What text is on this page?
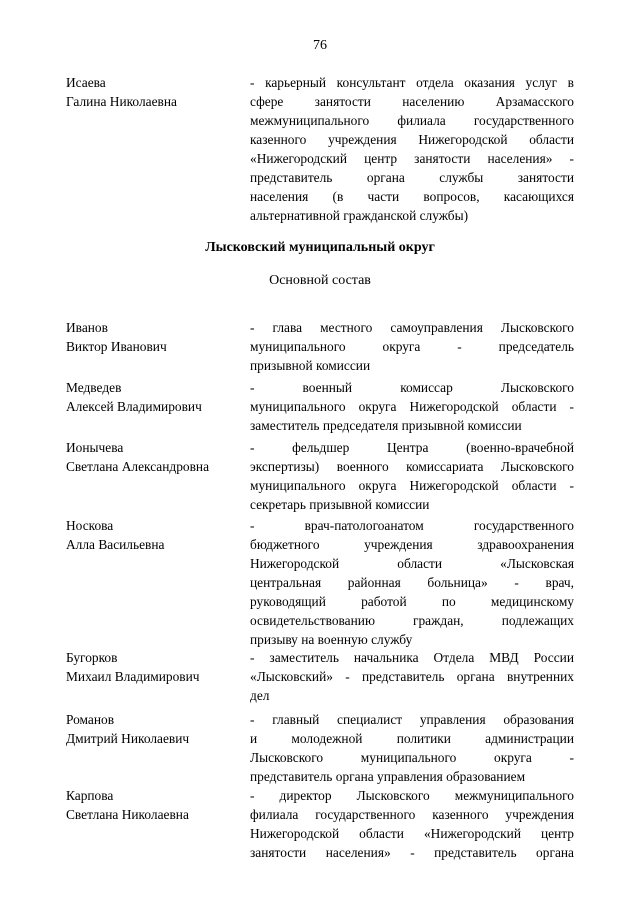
76
Исаева
Галина Николаевна
- карьерный консультант отдела оказания услуг в
сфере занятости населению Арзамасского
межмуниципального филиала государственного
казенного учреждения Нижегородской области
«Нижегородский центр занятости населения» -
представитель органа службы занятости
населения (в части вопросов, касающихся
альтернативной гражданской службы)
Лысковский муниципальный округ
Основной состав
Иванов
Виктор Иванович
- глава местного самоуправления Лысковского
муниципального округа - председатель
призывной комиссии
Медведев
Алексей Владимирович
- военный комиссар Лысковского
муниципального округа Нижегородской области -
заместитель председателя призывной комиссии
Ионычева
Светлана Александровна
- фельдшер Центра (военно-врачебной
экспертизы) военного комиссариата Лысковского
муниципального округа Нижегородской области -
секретарь призывной комиссии
Носкова
Алла Васильевна
- врач-патологоанатом государственного
бюджетного учреждения здравоохранения
Нижегородской области «Лысковская
центральная районная больница» - врач,
руководящий работой по медицинскому
освидетельствованию граждан, подлежащих
призыву на военную службу
Бугорков
Михаил Владимирович
- заместитель начальника Отдела МВД России
«Лысковский» - представитель органа внутренних
дел
Романов
Дмитрий Николаевич
- главный специалист управления образования
и молодежной политики администрации
Лысковского муниципального округа -
представитель органа управления образованием
Карпова
Светлана Николаевна
- директор Лысковского межмуниципального
филиала государственного казенного учреждения
Нижегородской области «Нижегородский центр
занятости населения» - представитель органа
